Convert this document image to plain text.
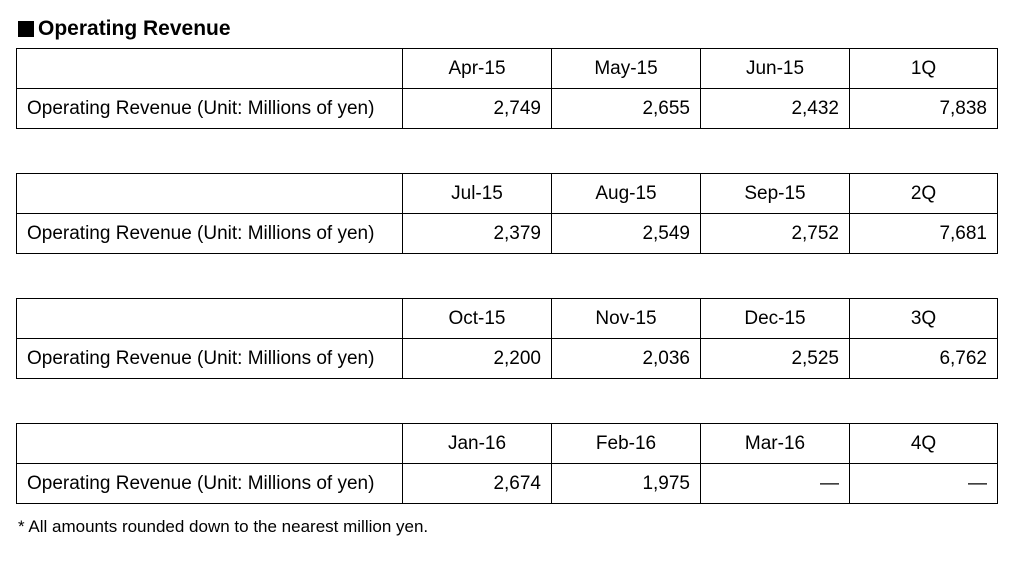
Operating Revenue
	Apr-15	May-15	Jun-15	1Q
Operating Revenue (Unit: Millions of yen)	2,749	2,655	2,432	7,838
	Jul-15	Aug-15	Sep-15	2Q
Operating Revenue (Unit: Millions of yen)	2,379	2,549	2,752	7,681
	Oct-15	Nov-15	Dec-15	3Q
Operating Revenue (Unit: Millions of yen)	2,200	2,036	2,525	6,762
	Jan-16	Feb-16	Mar-16	4Q
Operating Revenue (Unit: Millions of yen)	2,674	1,975	—	—
* All amounts rounded down to the nearest million yen.
